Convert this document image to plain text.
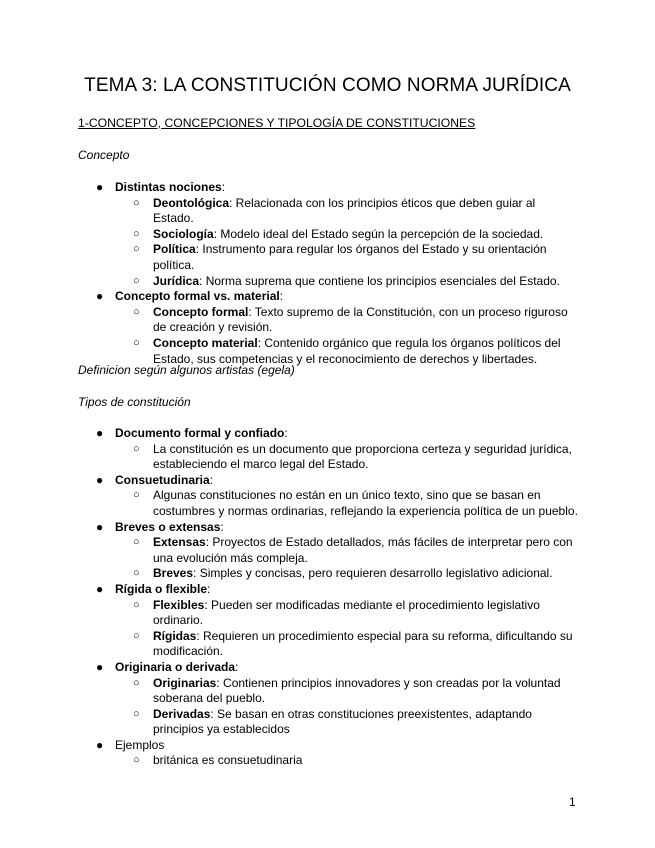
TEMA 3: LA CONSTITUCIÓN COMO NORMA JURÍDICA

1-CONCEPTO, CONCEPCIONES Y TIPOLOGÍA DE CONSTITUCIONES

Concepto

● Distintas nociones:
○ Deontológica: Relacionada con los principios éticos que deben guiar al Estado.
○ Sociología: Modelo ideal del Estado según la percepción de la sociedad.
○ Política: Instrumento para regular los órganos del Estado y su orientación política.
○ Jurídica: Norma suprema que contiene los principios esenciales del Estado.
● Concepto formal vs. material:
○ Concepto formal: Texto supremo de la Constitución, con un proceso riguroso de creación y revisión.
○ Concepto material: Contenido orgánico que regula los órganos políticos del Estado, sus competencias y el reconocimiento de derechos y libertades.

Definicion según algunos artistas (egela)

Tipos de constitución

● Documento formal y confiado:
○ La constitución es un documento que proporciona certeza y seguridad jurídica, estableciendo el marco legal del Estado.
● Consuetudinaria:
○ Algunas constituciones no están en un único texto, sino que se basan en costumbres y normas ordinarias, reflejando la experiencia política de un pueblo.
● Breves o extensas:
○ Extensas: Proyectos de Estado detallados, más fáciles de interpretar pero con una evolución más compleja.
○ Breves: Simples y concisas, pero requieren desarrollo legislativo adicional.
● Rígida o flexible:
○ Flexibles: Pueden ser modificadas mediante el procedimiento legislativo ordinario.
○ Rígidas: Requieren un procedimiento especial para su reforma, dificultando su modificación.
● Originaria o derivada:
○ Originarias: Contienen principios innovadores y son creadas por la voluntad soberana del pueblo.
○ Derivadas: Se basan en otras constituciones preexistentes, adaptando principios ya establecidos
● Ejemplos
○ británica es consuetudinaria
1
